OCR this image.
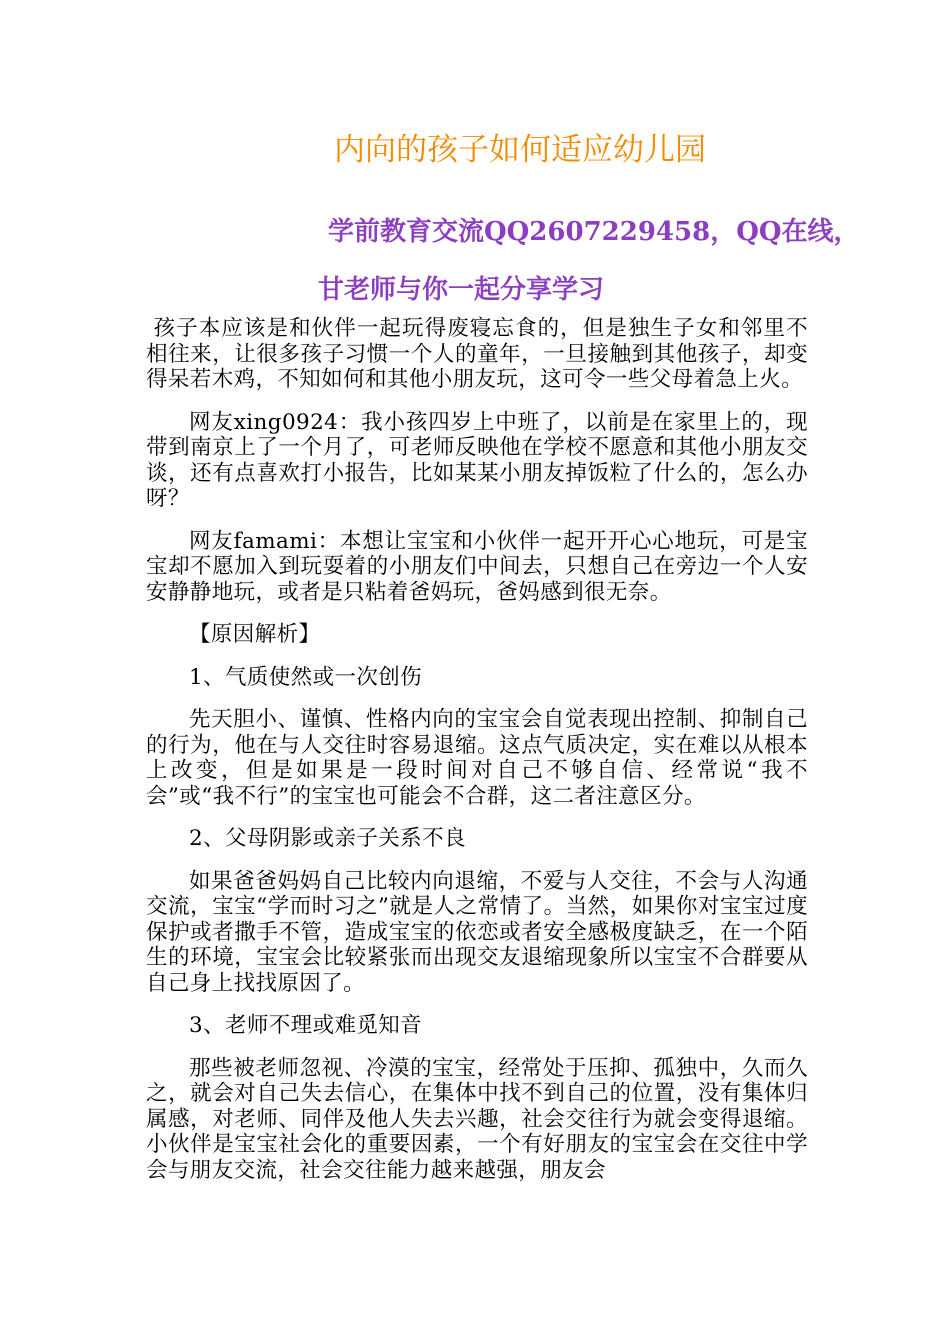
内向的孩子如何适应幼儿园
学前教育交流QQ2607229458，QQ在线，
甘老师与你一起分享学习

孩子本应该是和伙伴一起玩得废寝忘食的，但是独生子女和邻里不相往来，让很多孩子习惯一个人的童年，一旦接触到其他孩子，却变得呆若木鸡，不知如何和其他小朋友玩，这可令一些父母着急上火。

网友xing0924：我小孩四岁上中班了，以前是在家里上的，现带到南京上了一个月了，可老师反映他在学校不愿意和其他小朋友交谈，还有点喜欢打小报告，比如某某小朋友掉饭粒了什么的，怎么办呀？

网友famami：本想让宝宝和小伙伴一起开开心心地玩，可是宝宝却不愿加入到玩耍着的小朋友们中间去，只想自己在旁边一个人安安静静地玩，或者是只粘着爸妈玩，爸妈感到很无奈。

【原因解析】

1、气质使然或一次创伤

先天胆小、谨慎、性格内向的宝宝会自觉表现出控制、抑制自己的行为，他在与人交往时容易退缩。这点气质决定，实在难以从根本上改变，但是如果是一段时间对自己不够自信、经常说“我不会”或“我不行”的宝宝也可能会不合群，这二者注意区分。

2、父母阴影或亲子关系不良

如果爸爸妈妈自己比较内向退缩，不爱与人交往，不会与人沟通交流，宝宝“学而时习之”就是人之常情了。当然，如果你对宝宝过度保护或者撒手不管，造成宝宝的依恋或者安全感极度缺乏，在一个陌生的环境，宝宝会比较紧张而出现交友退缩现象所以宝宝不合群要从自己身上找找原因了。

3、老师不理或难觅知音

那些被老师忽视、冷漠的宝宝，经常处于压抑、孤独中，久而久之，就会对自己失去信心，在集体中找不到自己的位置，没有集体归属感，对老师、同伴及他人失去兴趣，社会交往行为就会变得退缩。小伙伴是宝宝社会化的重要因素，一个有好朋友的宝宝会在交往中学会与朋友交流，社会交往能力越来越强，朋友会
